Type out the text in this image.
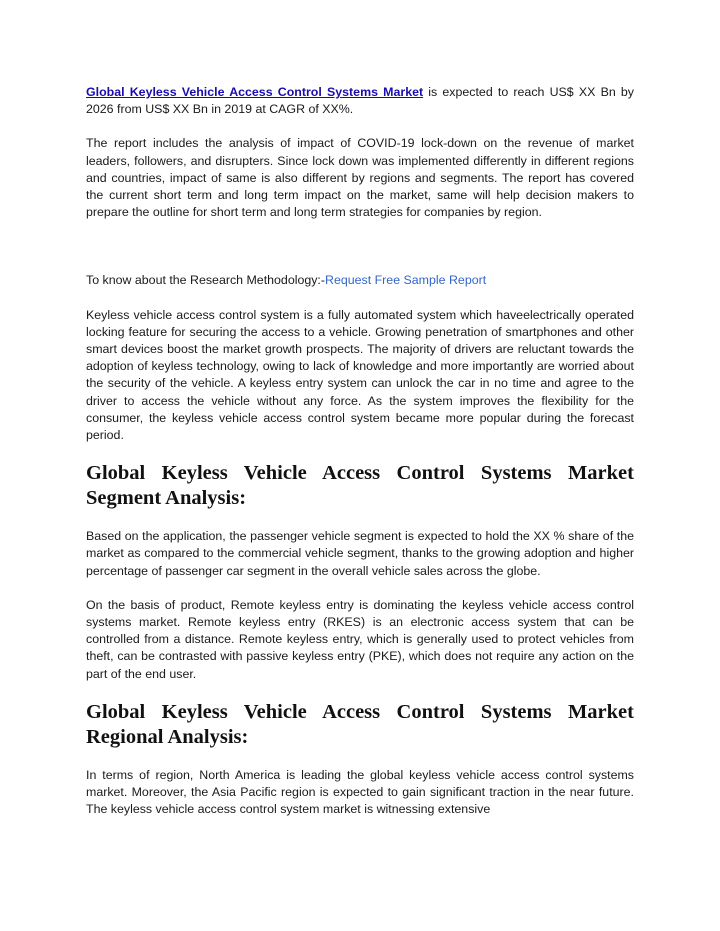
Global Keyless Vehicle Access Control Systems Market is expected to reach US$ XX Bn by 2026 from US$ XX Bn in 2019 at CAGR of XX%.

The report includes the analysis of impact of COVID-19 lock-down on the revenue of market leaders, followers, and disrupters. Since lock down was implemented differently in different regions and countries, impact of same is also different by regions and segments. The report has covered the current short term and long term impact on the market, same will help decision makers to prepare the outline for short term and long term strategies for companies by region.

To know about the Research Methodology:-Request Free Sample Report

Keyless vehicle access control system is a fully automated system which haveelectrically operated locking feature for securing the access to a vehicle. Growing penetration of smartphones and other smart devices boost the market growth prospects. The majority of drivers are reluctant towards the adoption of keyless technology, owing to lack of knowledge and more importantly are worried about the security of the vehicle. A keyless entry system can unlock the car in no time and agree to the driver to access the vehicle without any force. As the system improves the flexibility for the consumer, the keyless vehicle access control system became more popular during the forecast period.

Global Keyless Vehicle Access Control Systems Market
Segment Analysis:

Based on the application, the passenger vehicle segment is expected to hold the XX % share of the market as compared to the commercial vehicle segment, thanks to the growing adoption and higher percentage of passenger car segment in the overall vehicle sales across the globe.

On the basis of product, Remote keyless entry is dominating the keyless vehicle access control systems market. Remote keyless entry (RKES) is an electronic access system that can be controlled from a distance. Remote keyless entry, which is generally used to protect vehicles from theft, can be contrasted with passive keyless entry (PKE), which does not require any action on the part of the end user.

Global Keyless Vehicle Access Control Systems Market
Regional Analysis:

In terms of region, North America is leading the global keyless vehicle access control systems market. Moreover, the Asia Pacific region is expected to gain significant traction in the near future. The keyless vehicle access control system market is witnessing extensive
